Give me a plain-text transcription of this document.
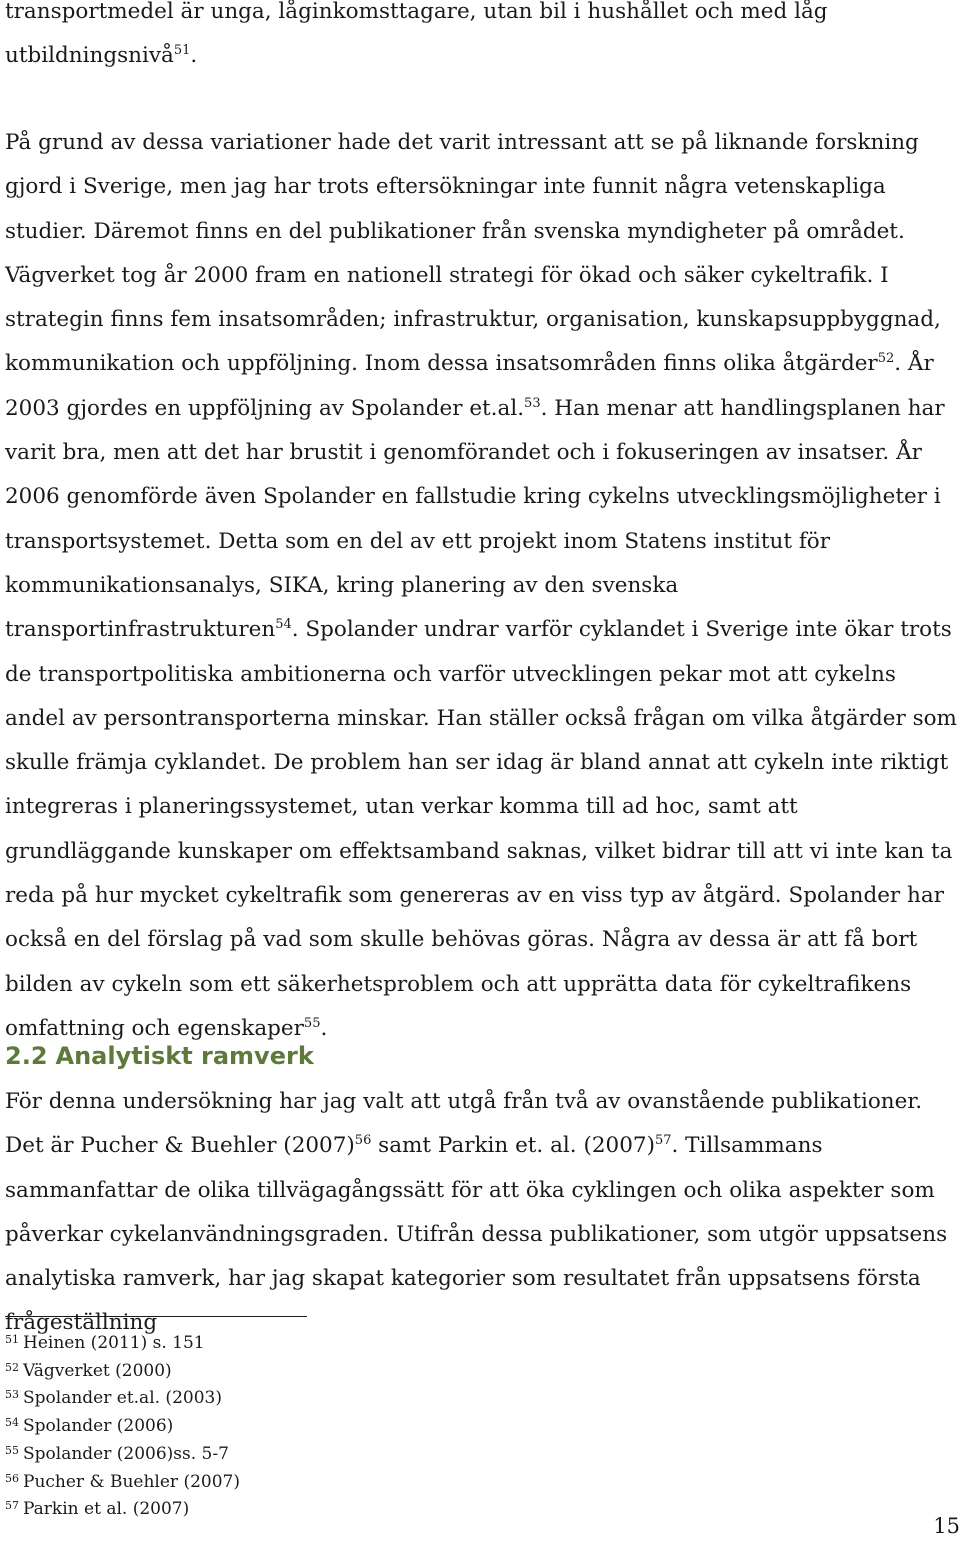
transportmedel är unga, låginkomsttagare, utan bil i hushållet och med låg utbildningsnivå$^{51}$.

På grund av dessa variationer hade det varit intressant att se på liknande forskning gjord i Sverige, men jag har trots eftersökningar inte funnit några vetenskapliga studier. Däremot finns en del publikationer från svenska myndigheter på området. Vägverket tog år 2000 fram en nationell strategi för ökad och säker cykeltrafik. I strategin finns fem insatsområden; infrastruktur, organisation, kunskapsuppbyggnad, kommunikation och uppföljning. Inom dessa insatsområden finns olika åtgärder$^{52}$. År 2003 gjordes en uppföljning av Spolander et.al.$^{53}$. Han menar att handlingsplanen har varit bra, men att det har brustit i genomförandet och i fokuseringen av insatser. År 2006 genomförde även Spolander en fallstudie kring cykelns utvecklingsmöjligheter i transportsystemet. Detta som en del av ett projekt inom Statens institut för kommunikationsanalys, SIKA, kring planering av den svenska transportinfrastrukturen$^{54}$. Spolander undrar varför cyklandet i Sverige inte ökar trots de transportpolitiska ambitionerna och varför utvecklingen pekar mot att cykelns andel av persontransporterna minskar. Han ställer också frågan om vilka åtgärder som skulle främja cyklandet. De problem han ser idag är bland annat att cykeln inte riktigt integreras i planeringssystemet, utan verkar komma till ad hoc, samt att grundläggande kunskaper om effektsamband saknas, vilket bidrar till att vi inte kan ta reda på hur mycket cykeltrafik som genereras av en viss typ av åtgärd. Spolander har också en del förslag på vad som skulle behövas göras. Några av dessa är att få bort bilden av cykeln som ett säkerhetsproblem och att upprätta data för cykeltrafikens omfattning och egenskaper$^{55}$.

2.2 Analytiskt ramverk

För denna undersökning har jag valt att utgå från två av ovanstående publikationer. Det är Pucher & Buehler $(2007)^{56}$ samt Parkin et. al. $(2007)^{57}$. Tillsammans sammanfattar de olika tillvägagångssätt för att öka cyklingen och olika aspekter som påverkar cykelanvändningsgraden. Utifrån dessa publikationer, som utgör uppsatsens analytiska ramverk, har jag skapat kategorier som resultatet från uppsatsens första frågeställning

$^{51}$ Heinen (2011) s. 151
$^{52}$ Vägverket (2000)
$^{53}$ Spolander et.al. (2003)
$^{54}$ Spolander (2006)
$^{55}$ Spolander (2006)ss. 5-7
$^{56}$ Pucher & Buehler (2007)
$^{57}$ Parkin et al. (2007)
15
